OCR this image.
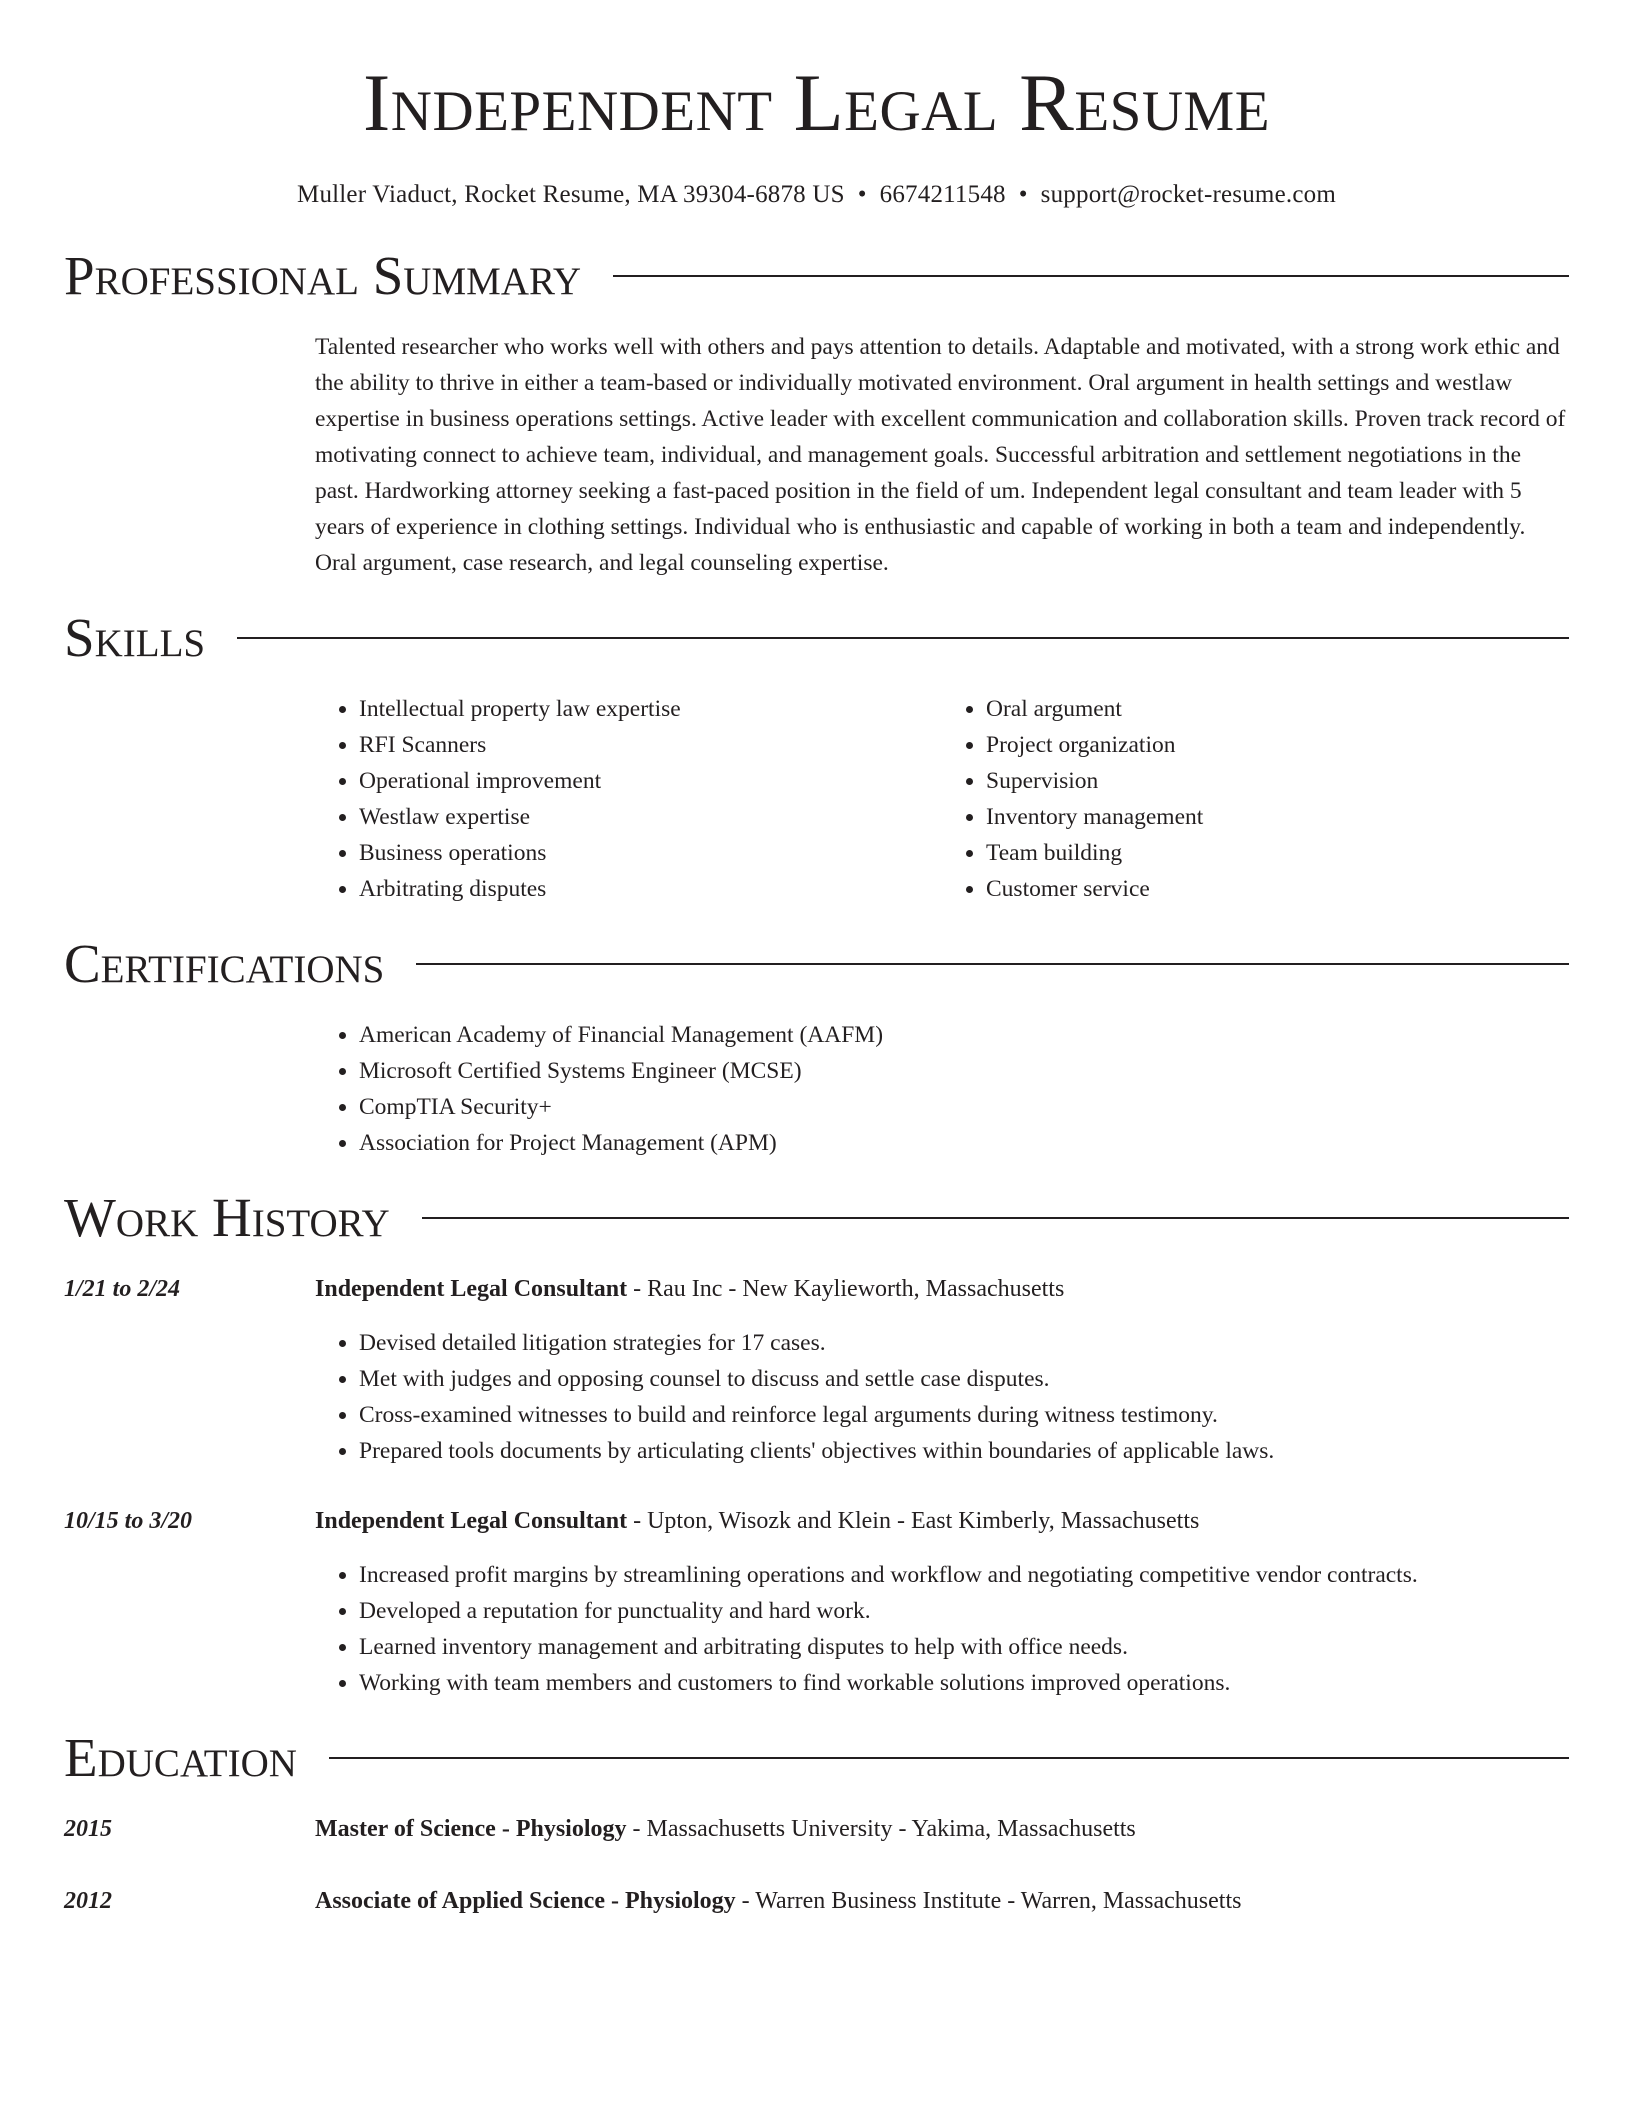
Independent Legal Resume
Muller Viaduct, Rocket Resume, MA 39304-6878 US • 6674211548 • support@rocket-resume.com
Professional Summary
Talented researcher who works well with others and pays attention to details. Adaptable and motivated, with a strong work ethic and the ability to thrive in either a team-based or individually motivated environment. Oral argument in health settings and westlaw expertise in business operations settings. Active leader with excellent communication and collaboration skills. Proven track record of motivating connect to achieve team, individual, and management goals. Successful arbitration and settlement negotiations in the past. Hardworking attorney seeking a fast-paced position in the field of um. Independent legal consultant and team leader with 5 years of experience in clothing settings. Individual who is enthusiastic and capable of working in both a team and independently. Oral argument, case research, and legal counseling expertise.
Skills
• Intellectual property law expertise
• RFI Scanners
• Operational improvement
• Westlaw expertise
• Business operations
• Arbitrating disputes
• Oral argument
• Project organization
• Supervision
• Inventory management
• Team building
• Customer service
Certifications
• American Academy of Financial Management (AAFM)
• Microsoft Certified Systems Engineer (MCSE)
• CompTIA Security+
• Association for Project Management (APM)
Work History
1/21 to 2/24	Independent Legal Consultant - Rau Inc - New Kaylieworth, Massachusetts
• Devised detailed litigation strategies for 17 cases.
• Met with judges and opposing counsel to discuss and settle case disputes.
• Cross-examined witnesses to build and reinforce legal arguments during witness testimony.
• Prepared tools documents by articulating clients' objectives within boundaries of applicable laws.
10/15 to 3/20	Independent Legal Consultant - Upton, Wisozk and Klein - East Kimberly, Massachusetts
• Increased profit margins by streamlining operations and workflow and negotiating competitive vendor contracts.
• Developed a reputation for punctuality and hard work.
• Learned inventory management and arbitrating disputes to help with office needs.
• Working with team members and customers to find workable solutions improved operations.
Education
2015	Master of Science - Physiology - Massachusetts University - Yakima, Massachusetts
2012	Associate of Applied Science - Physiology - Warren Business Institute - Warren, Massachusetts
